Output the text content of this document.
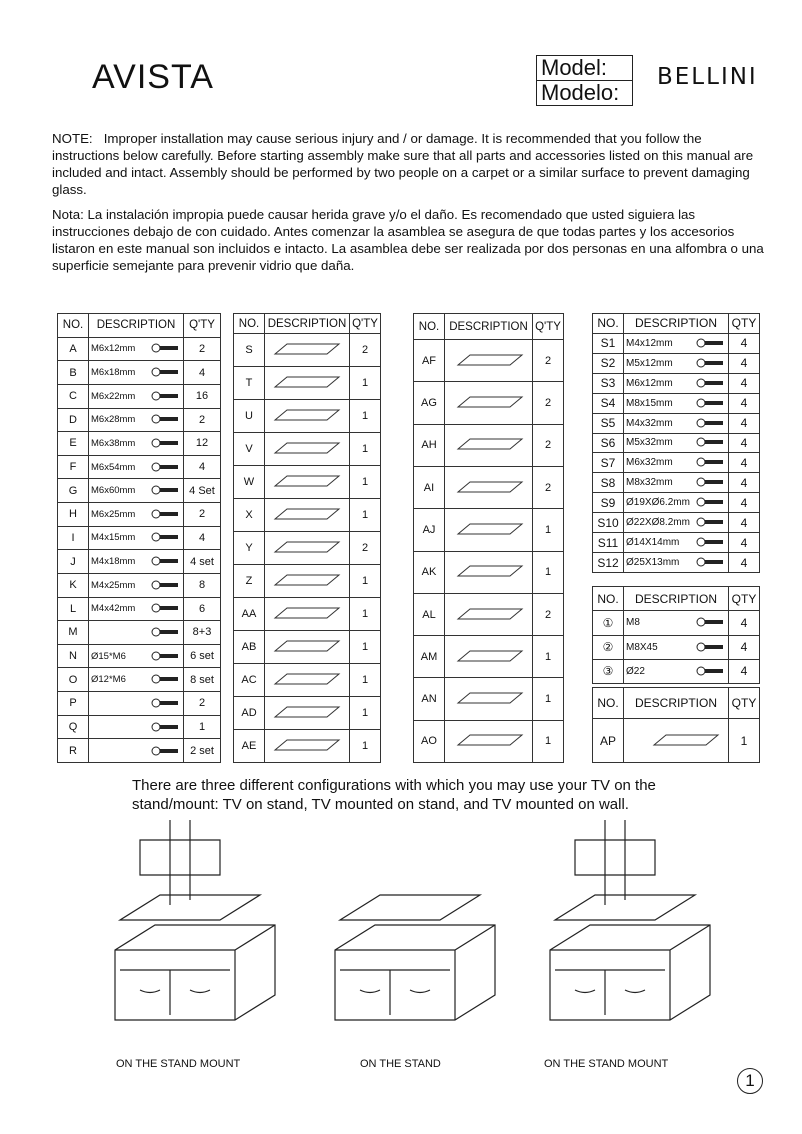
AVISTA	Model:
Modelo:
BELLINI
NOTE: Improper installation may cause serious injury and / or damage. It is recommended that you follow the instructions below carefully. Before starting assembly make sure that all parts and accessories listed on this manual are included and intact. Assembly should be performed by two people on a carpet or a similar surface to prevent damaging glass.
Nota: La instalación impropia puede causar herida grave y/o el daño. Es recomendado que usted siguiera las instrucciones debajo de con cuidado. Antes comenzar la asamblea se asegura de que todas partes y los accesorios listaron en este manual son incluidos e intacto. La asamblea debe ser realizada por dos personas en una alfombra o una superficie semejante para prevenir vidrio que daña.
NO.	DESCRIPTION	Q'TY
A	M6x12mm	2
B	M6x18mm	4
C	M6x22mm	16
D	M6x28mm	2
E	M6x38mm	12
F	M6x54mm	4
G	M6x60mm	4 Set
H	M6x25mm	2
I	M4x15mm	4
J	M4x18mm	4 set
K	M4x25mm	8
L	M4x42mm	6
M		8+3
N	Ø15*M6	6 set
O	Ø12*M6	8 set
P		2
Q		1
R		2 set
NO.	DESCRIPTION	Q'TY
S		2
T		1
U		1
V		1
W		1
X		1
Y		2
Z		1
AA		1
AB		1
AC		1
AD		1
AE		1
NO.	DESCRIPTION	Q'TY
AF		2
AG		2
AH		2
AI		2
AJ		1
AK		1
AL		2
AM		1
AN		1
AO		1
NO.	DESCRIPTION	QTY
S1	M4x12mm	4
S2	M5x12mm	4
S3	M6x12mm	4
S4	M8x15mm	4
S5	M4x32mm	4
S6	M5x32mm	4
S7	M6x32mm	4
S8	M8x32mm	4
S9	Ø19XØ6.2mm	4
S10	Ø22XØ8.2mm	4
S11	Ø14X14mm	4
S12	Ø25X13mm	4
NO.	DESCRIPTION	QTY
①	M8	4
②	M8X45	4
③	Ø22	4
NO.	DESCRIPTION	QTY
AP		1
There are three different configurations with which you may use your TV on the stand/mount: TV on stand, TV mounted on stand, and TV mounted on wall.
ON THE STAND MOUNT	ON THE STAND	ON THE STAND MOUNT
1
